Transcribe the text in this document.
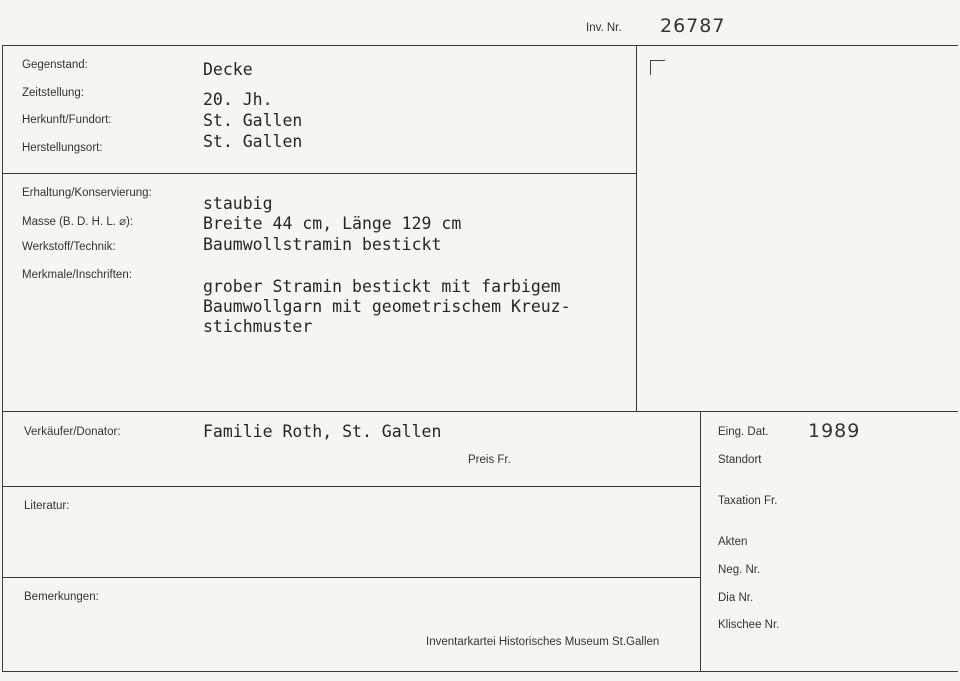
Inv. Nr. 26787
Gegenstand:	Decke
Zeitstellung:	20. Jh.
Herkunft/Fundort:	St. Gallen
Herstellungsort:	St. Gallen
Erhaltung/Konservierung:
staubig
Masse (B. D. H. L. ⌀):	Breite 44 cm, Länge 129 cm
Werkstoff/Technik:	Baumwollstramin bestickt
Merkmale/Inschriften:
grober Stramin bestickt mit farbigem
Baumwollgarn mit geometrischem Kreuz-
stichmuster
Verkäufer/Donator:	Familie Roth, St. Gallen
Preis Fr.
Literatur:
Bemerkungen:
Inventarkartei Historisches Museum St.Gallen
Eing. Dat. 1989
Standort
Taxation Fr.
Akten
Neg. Nr.
Dia Nr.
Klischee Nr.
